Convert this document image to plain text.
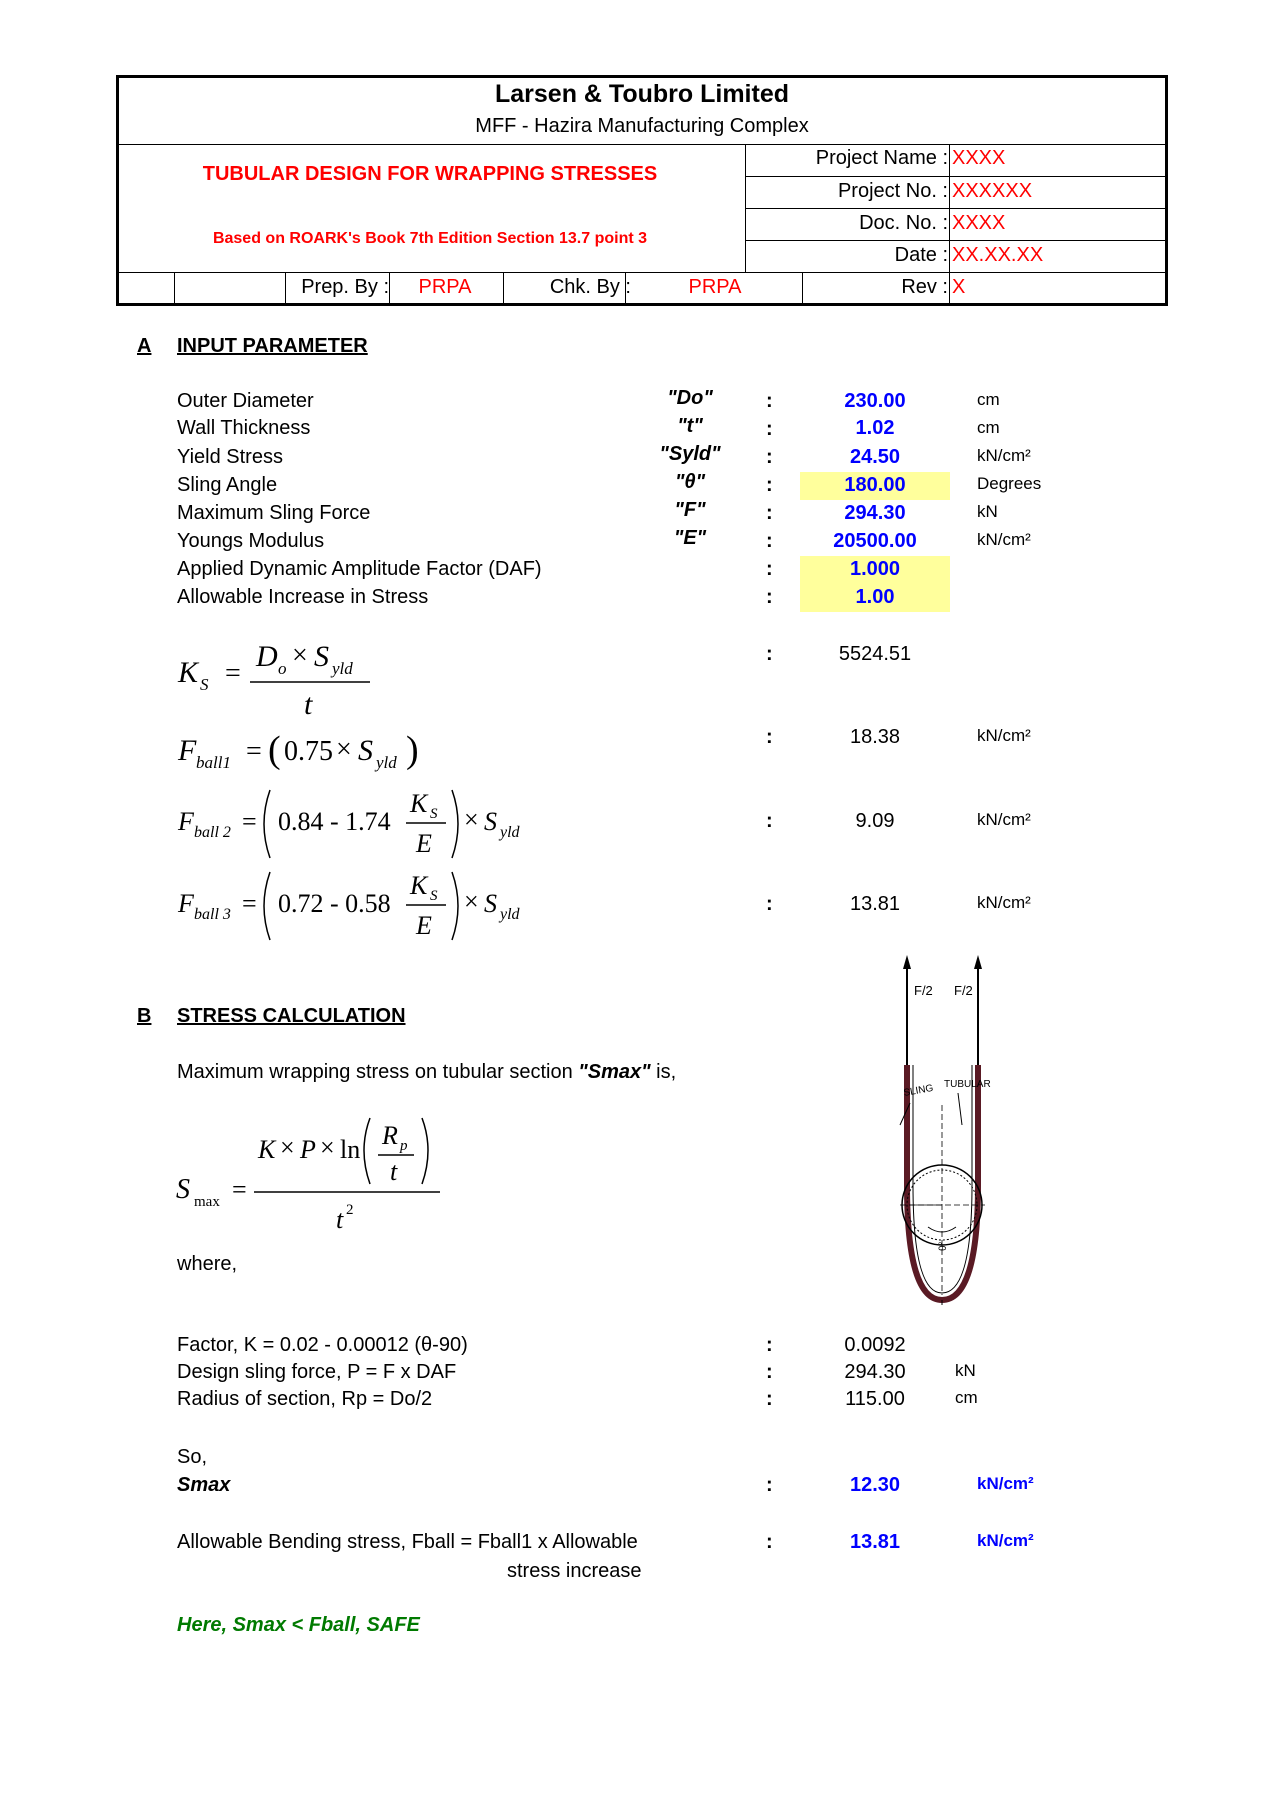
Larsen & Toubro Limited
MFF - Hazira Manufacturing Complex
TUBULAR DESIGN FOR WRAPPING STRESSES
Based on ROARK's Book 7th Edition Section 13.7 point 3
Project Name : XXXX
Project No. : XXXXXX
Doc. No. : XXXX
Date : XX.XX.XX
Prep. By :	PRPA	Chk. By :	PRPA	Rev : X
A INPUT PARAMETER
Outer Diameter	"Do"	:	230.00	cm
Wall Thickness	"t"	:	1.02	cm
Yield Stress	"Syld"	:	24.50	kN/cm²
Sling Angle	"θ"	:	180.00	Degrees
Maximum Sling Force	"F"	:	294.30	kN
Youngs Modulus	"E"	:	20500.00	kN/cm²
Applied Dynamic Amplitude Factor (DAF)	:	1.000
Allowable Increase in Stress	:	1.00
K S =
D o × S yld
t
:	5524.51
F ball1 = ( 0.75 × S yld )	:	18.38	kN/cm²
F ball 2 = 0.84 - 1.74
K S
E
× S yld
:	9.09	kN/cm²
F ball 3 = 0.72 - 0.58
K S
E
× S yld	:	13.81	kN/cm²
F/2 F/2
θ°
SLING TUBULAR
B STRESS CALCULATION
Maximum wrapping stress on tubular section "Smax" is,
S max =
K × P × ln R p
t
t 2
where,
Factor, K = 0.02 - 0.00012 (θ-90)	:	0.0092
Design sling force, P = F x DAF	:	294.30	kN
Radius of section, Rp = Do/2	:	115.00	cm
So,
Smax	:	12.30	kN/cm²
Allowable Bending stress, Fball = Fball1 x Allowable
stress increase
:	13.81	kN/cm²
Here, Smax < Fball, SAFE
